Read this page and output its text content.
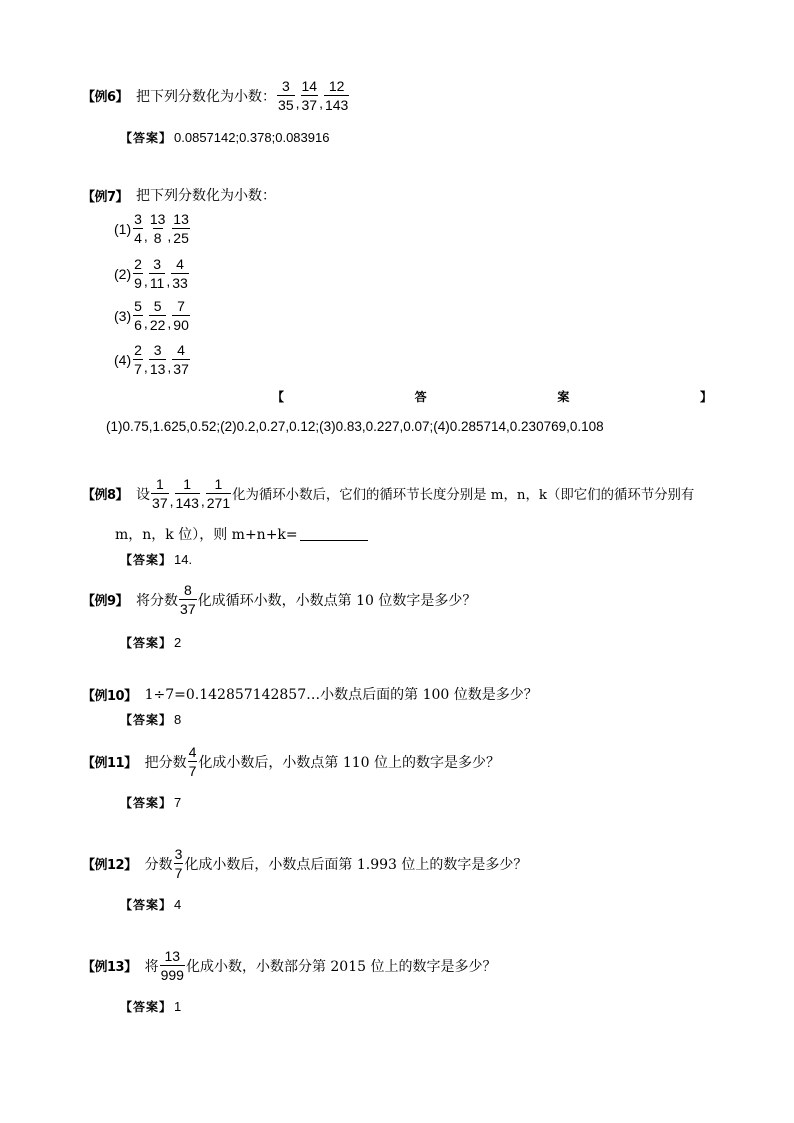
【例6】 把下列分数化为小数： $\frac{3}{35}$ , $\frac{14}{37}$ , $\frac{12}{143}$
【答案】 0.0857142;0.378;0.083916
【例7】 把下列分数化为小数：
$(1) \frac{3}{4}$ , $\frac{13}{8}$ , $\frac{13}{25}$
$(2) \frac{2}{9}$ , $\frac{3}{11}$ , $\frac{4}{33}$
$(3) \frac{5}{6}$ , $\frac{5}{22}$ , $\frac{7}{90}$
$(4) \frac{2}{7}$ , $\frac{3}{13}$ , $\frac{4}{37}$
【	答	案	】
(1)0.75,1.625,0.52;(2)0.2,0.27,0.12;(3)0.83,0.227,0.07;(4)0.285714,0.230769,0.108
【例8】 设 $\frac{1}{37}$ , $\frac{1}{143}$ , $\frac{1}{271}$ 化为循环小数后，它们的循环节长度分别是 m，n，k（即它们的循环节分别有
m，n，k 位），则 m+n+k=
【答案】 14.
【例9】 将分数 $\frac{8}{37}$ 化成循环小数，小数点第 10 位数字是多少？
【答案】 2
【例10】 1÷7=0.142857142857…小数点后面的第 100 位数是多少？
【答案】 8
【例11】 把分数 $\frac{4}{7}$ 化成小数后，小数点第 110 位上的数字是多少？
【答案】 7
【例12】 分数 $\frac{3}{7}$ 化成小数后，小数点后面第 1.993 位上的数字是多少？
【答案】 4
【例13】 将 $\frac{13}{999}$ 化成小数，小数部分第 2015 位上的数字是多少？
【答案】 1
